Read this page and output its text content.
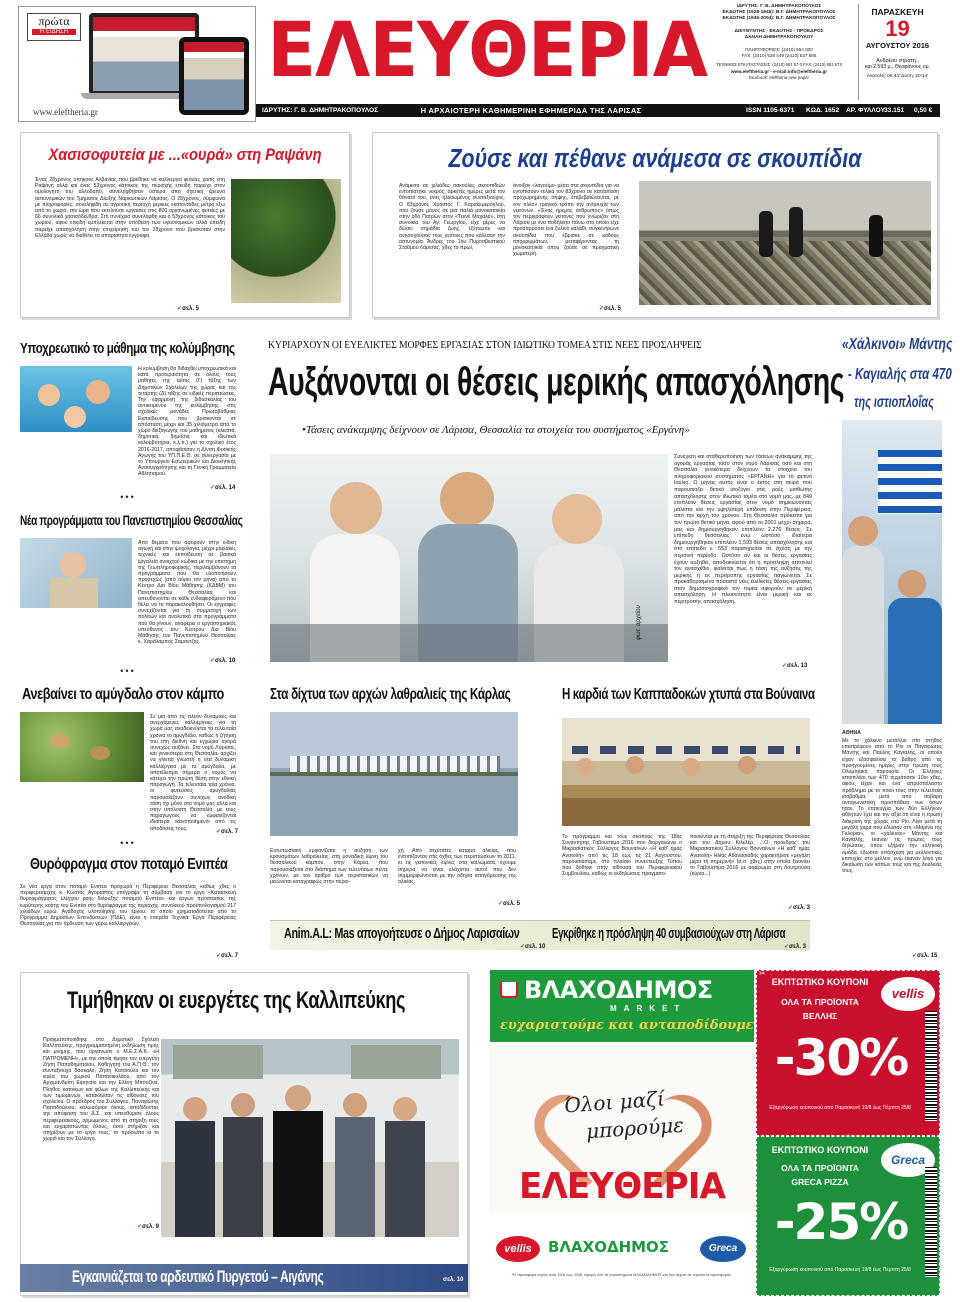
πρώτα
Η ΕΙΔΗΣΗ
www.eleftheria.gr
ΕΛΕΥΘΕΡΙΑ	ΙΔΡΥΤΗΣ: Γ. Β. ΔΗΜΗΤΡΑΚΟΠΟΥΛΟΣ
ΕΚΔΟΤΗΣ (1928-1945): Β.Γ. ΔΗΜΗΤΡΑΚΟΠΟΥΛΟΣ
ΕΚΔΟΤΗΣ (1945-2004): Β.Γ. ΔΗΜΗΤΡΑΚΟΠΟΥΛΟΣ
ΔΙΕΥΘΥΝΤΗΣ - ΕΚΔΟΤΗΣ - ΠΡΟΕΔΡΟΣ
ΔΑΝΑΗ ΔΗΜΗΤΡΑΚΟΠΟΥΛΟΥ
ΠΛΗΡΟΦΟΡΙΕΣ: (2410) 554 000
FAX: (2410) 536 449 (2410) 537 585
ΤΕΧΝΙΚΕΣ ΕΓΚΑΤΑΣΤΑΣΕΙΣ: (2410) 661 57 0 FAX: (2410) 661 573
www.eleftheria.gr - e-mail:info@eleftheria.gr
facebook: eleftheria new paper
ΠΑΡΑΣΚΕΥΗ
19
ΑΥΓΟΥΣΤΟΥ 2016
Ανδρέου στρατη.,
και 2.593 μ., Θεοφάνους ομ.
Ανατολή: 06:44' Δύση: 20:14'
ΙΔΡΥΤΗΣ: Γ. Β. ΔΗΜΗΤΡΑΚΟΠΟΥΛΟΣ	Η ΑΡΧΑΙΟΤΕΡΗ ΚΑΘΗΜΕΡΙΝΗ ΕΦΗΜΕΡΙΔΑ ΤΗΣ ΛΑΡΙΣΑΣ	ISSN 1105-6371 ΚΩΔ. 1652 ΑΡ. ΦΥΛΛΟΥ 33.151 0,50 €
Χασισοφυτεία με ...«ουρά» στη Ραψάνη
Ένας 28χρονος υπήκοος Αλβανίας που βρέθηκε να καλλιεργεί φυτείες χασίς στη Ραψάνη αλλά και ένας 53χρονος κάτοικος της περιοχής επειδή παρείχε στον ομολογητή του αλλοδαπό, συνελήφθησαν ύστερα από σχετική έρευνα αστυνομικών του Τμήματος Δίωξης Ναρκωτικών Λάρισας. Ο 28χρονος, σύμφωνα με πληροφορίες, συνελήφθη σε αγροτική περιοχή μερικές εκατοντάδες μέτρα έξω από το χωριό, την ώρα που εκτελούσε εργασίες στις 800 οργανωμένες φυτείες με 66 συνολικά χασισόδενδρα. Στη συνέχεια συνελήφθη και ο 53χρονος κάτοικος του χωριού, αφού επειδή εμπλέκεται στην υπόθεση των υγειονομικών αλλά επειδή παρείχε απασχόληση στην επιχείρηση του τον 28χρονο που βρισκόταν στην Ελλάδα χωρίς να διαθέτει τα απαραίτητα έγγραφα.
✓σελ. 5
Ζούσε και πέθανε ανάμεσα σε σκουπίδια
Ανάμεσα σε χιλιάδες σακούλες σκουπιδιών εντοπίστηκε νεκρός, αρκετές ημέρες μετά τον θάνατό του, ένας ηλικιωμένος συνταξιούχος. Ο 83χρονος Χρήστος Γ. Καρακεμερόγλου, που ζούσε μόνος σε μια παλιά μονοκατοικία στην οδό Πατρών στον «Τεκνέ Μαχαλά», στη συνοικία του Αγ. Γεωργίου, είχε μέρες να δώσει σημάδια ζωής, εξέπεμπε και ανησυχούσαν τους γείτονες που κάλεσαν την αστυνομία. Άνδρες του 1ου Πυροσβεστικού Σταθμού Λάρισας, χθες το πρωί,
άνοιξαν «λαγούμι» μέσα στα σκουπίδια για να εντοπίσουν τελικά τον 83χρονο σε κατάσταση προχωρημένης σήψης, επιβεβαιώνοντας με τον πλέον τραγικό τρόπο την ανησυχία των γειτόνων. «Ένας ήρεμος άνθρωπος» όπως τον περιγράφουν γείτονες που γνώριζαν στη Λάρισα με ένα ποδήλατο πάνω στο οποίο είχε προσαρμόσει ένα ξύλινο καλάθι, συγκέντρωνε σκουπίδια που έβρισκε σε κάδους απορριμμάτων, μεταφέροντας τη μονοκατοικία όπου ζούσε σε πραγματική χωματερή.
✓σελ. 5
Υποχρεωτικό το μάθημα της κολύμβησης
Η κολύμβηση θα διδαχθεί υποχρεωτικά και κατά προτεραιότητα σε όλους τους μαθητές της τρίτης (Γ) τάξης των Δημοτικών Σχολείων της χώρας και της τετάρτης (Δ) τάξης σε ειδικές περιπτώσεις. Την εφαρμογή της διδασκαλίας του αντικειμένου της κολύμβησης στις σχολικές μονάδες Πρωτοβάθμιας Εκπαίδευσης που βρίσκονται σε απόσταση μέχρι και 35 χιλιόμετρα από το χώρο διεξαγωγής του μαθήματος (κλειστά, δημοτικά, δημόσια και ιδιωτικά κολυμβητήρια, κ.λ.π.) για το σχολικό έτος 2016-2017, αποφάσισαν η Δ/νση Φυσικής Αγωγής του ΥΠ.Π.Ε.Θ. σε συνεργασία με το Υπουργείο Εσωτερικών και Διοικητικής Ανασυγκρότησης και τη Γενική Γραμματεία Αθλητισμού.
✓σελ. 14
•••
Νέα προγράμματα του Πανεπιστημίου Θεσσαλίας
Από θέματα που αφορούν στην ειδική αγωγή και στην ψυχολογία, μέχρι μοριακές τεχνικές και εκπαίδευση σε βασικά εργαλεία ανοιχτού κώδικα με την επιστήμη της Γεωπληροφορικής, περιλαμβάνουν τα προγράμματα που θα υλοποιήσουν προσεχώς (από αύριο τον μήνα) από το Κέντρο Δια Βίου Μάθησης (ΚΔΒΜ) του Πανεπιστημίου Θεσσαλίας και απευθύνονται σε κάθε ενδιαφερόμενο που θέλει να τα παρακολουθήσει. Οι εγγραφές συνεχίζονται για τη συμμετοχή των πολιτών και αναλυτικά στα προγράμματα που θα γίνουν, αναφέρει ο εργαστηριακός υπεύθυνος του Κέντρου Δια Βίου Μάθησης του Πανεπιστημίου Θεσσαλίας κ. Χαράλαμπος Σαμαντζής.
✓σελ. 10
•••
Ανεβαίνει το αμύγδαλο στον κάμπο
Σε μια από τις πλέον δυναμικές και ανερχόμενες καλλιέργειες για τη χώρα μας αναδεικνύεται τα τελευταία χρόνια το αμύγδαλο, καθώς η ζήτηση του στη διεθνή και εγχώρια αγορά συνεχώς αυξάνει. Στο νομό Λάρισας, και γενικότερα στη Θεσσαλία, αρχίζει να γίνεται γνωστή η νέα δυναμική καλλιέργεια με τα αμύγδαλα, με αποτέλεσμα σήμερα ο νομός να κατέχει την πρώτη θέση στην εθνική παραγωγή. Τα τελευταία τρία χρόνια, οι φυτεύσεις αμυγδαλιάς παρουσιάζουν συνεχώς ανοδική τάση όχι μόνο στο νομό μας αλλά και στην υπόλοιπη Θεσσαλία, με τους παραγωγούς να εμφανίζονται ιδιαίτερα ικανοποιημένοι από τις αποδόσεις τους.
✓σελ. 7
•••
Θυρόφραγμα στον ποταμό Ενιπέα
Σε νέα έργα στον ποταμό Ενιπέα προχωρά η Περιφέρεια Θεσσαλίας καθώς χθες ο περιφερειάρχης κ. Κώστας Αγοραστός υπέγραψε τη σύμβαση για το έργο «Κατασκευή θυροφράγματος ελέγχου ροής διόρυξης ποταμού Ενιπέα» και έργων προστασίας της ευρύτερης κοίτης του Ενιπέα στο θυρόφραγμα της περιοχής, συνολικού προϋπολογισμού 217 χιλιάδων ευρώ. Ανάδοχος υλοποίησης του έργου, το οποίο χρηματοδοτείται από το Πρόγραμμα Δημοσίων Επενδύσεων (ΠΔΕ), είναι η εταιρεία Τεχνικά Έργα Περιφέρειας Θεσσαλίας για την άρδευση των γύρω καλλιεργειών.
✓σελ. 7
ΚΥΡΙΑΡΧΟΥΝ ΟΙ ΕΥΕΛΙΚΤΕΣ ΜΟΡΦΕΣ ΕΡΓΑΣΙΑΣ ΣΤΟΝ ΙΔΙΩΤΙΚΟ ΤΟΜΕΑ ΣΤΙΣ ΝΕΕΣ ΠΡΟΣΛΗΨΕΙΣ
Αυξάνονται οι θέσεις μερικής απασχόλησης
•Τάσεις ανάκαμψης δείχνουν σε Λάρισα, Θεσσαλία τα στοιχεία του συστήματος «Εργάνη»
φωτ. αρχείου
Συνέχιση και σταθεροποίηση των τάσεων ανάκαμψης της αγοράς εργασίας τόσο στον νομό Λάρισας όσο και στη Θεσσαλία γενικότερα δείχνουν τα στοιχεία του πληροφοριακού συστήματος «ΕΡΓΑΝΗ» για το φετινό Ιούλιο. Ο μήνας αυτός είναι ο έκτος στη σειρά που παρουσιάζει θετικό ισοζύγιο στις ροές μισθωτής απασχόλησης στον ιδιωτικό τομέα στο νομό μας, με 849 επιπλέον θέσεις εργασίας στον νομό σημειώνοντας μάλιστα και την υψηλότερη επίδοση στην Περιφέρεια, από την αρχή του χρόνου. Στη Θεσσαλία πρόκειται για τον πρώτο θετικό μήνα, αφού από το 2001 μέχρι σήμερα, μας και δημιουργήθηκαν επιπλέον 2.276 θέσεις. Σε επίπεδο θεσσαλίας ενώ ωστόσο ιδιαίτερα δημιουργήθηκαν επιπλέον 1.593 θέσεις απασχόλησης και στο επίπεδο ν. 553 παρατηρείται σε σχέση με την περσινή περίοδο. Ωστόσο αν και οι θέσεις εργασίας έχουν αυξηθεί, αποδεικνύεται ότι η προσληψη αποτελεί τον ανασχέθιο, φαίνεται πως η τάση της αύξησης της μερικής ή εκ περιτροπής εργασίας παγιώνεται. Σε προκαθορισμένο ποσοστό νέες ευέλικτες θέσεις εργασίας στον δημοσιογραφικό τον τομέα αφορούν σε μερική απασχόληση. Η πλειονότητα είναι μερική και εκ περιτροπής απασχόληση.
✓σελ. 13
Στα δίχτυα των αρχών λαθραλιείς της Κάρλας
Εντυπωσιακή εμφανίζεται η αύξηση των κρουσμάτων λαθραλιείας, στη μοναδική λίμνη του θεσσαλικού κάμπου, στην Κάρλα, που παρουσιάζεται στο διάστημα των τελευταίων πέντε χρόνων, με τον αριθμό των περιστατικών να μειώνεται καταγραφώς στην περιο-
χή. Από ταχύτατες καταμα αλιείας, που εντοπίζονταν στις όχθες των περιπτώσεων το 2011, κι τις γειτονικές λίμνες στα κοιλώματα, έχουμε σήμερα να είναι ελάχιστα αυτοί που δεν συμμορφώνονται με την οδηγία απαγόρευσης της αλιείας.
✓σελ. 5
Η καρδιά των Καππαδοκών χτυπά στα Βούναινα
Το πρόγραμμα και τους σκοπούς της 18ης Συνάντησης Γαβουστιμα 2016 που διοργανώνει ο Μικρασιατικός Σύλλογος Βουναίνων «Η καθ' ημάς Ανατολή» από τις 18 έως τις 21 Αυγούστου, παρουσιάσαμε, στο πλαίσιο συνέντευξης Τύπου που δόθηκε στην αίθουσα του Περιφερειακού Συμβουλίου, καθώς οι εκδηλώσεις πραγματο-
ποιούνται με τη στήριξη της Περιφέρειας Θεσσαλίας και του Δήμου Κιλελέρ. ...Ο πρόεδρος του Μικρασιατικού Συλλόγου Βουναίνων «Η καθ' ημάς Ανατολή» Ηλίας Αθανασιάδης χαρακτήρισε «μεγάλη μέρα τη σημερινή» (σ.σ. χθες) στην οποία ξεκινάει το Γαβουστίμα 2016 με αφιέρωμα στη Λουτρούσα (κύρια...)
✓σελ. 3
Anim.A.L: Mas απογοήτευσε ο Δήμος Λαρισαίων
✓σελ. 10
Εγκρίθηκε η πρόσληψη 40 συμβασιούχων στη Λάρισα
✓σελ. 3
«Χάλκινοι» Μάντης
- Καγιαλής στα 470
της ιστιοπλοΐας
ΑΘΗΝΑ
Με το χάλκινο μετάλλιο στο στήθος επιστρέφουν από το Ρίο οι Παναγιώτης Μάντης και Παύλος Καγιαλής, οι οποίοι είχαν εξασφαλίσει το βάθρο από τις προηγούμενες ημέρες στην πρώτη τους Ολυμπιακή παρουσία. Οι Έλληνες ιστιοπλόοι των 470 τερμάτισαν 10οι χθες, αφού είχαν και ένα απροσπέλαστο πρόβλημα με το ποιοι τους στην τελευταία ισοβαθμία, μετά από σοβαρή ανταγωνιστική προσπάθεια των όσων ήταν. Το επίτευγμα των δύο Ελλήνων αθλητών έχει και την αξία ότι είναι η πρώτη διάκριση της χώρας στο Ρίο. Λίγο μετά τη μεγάλη χαρά που έδωσαν στη «Μαρίνα της Γκλόρια», οι «χάλκινοι» Μάντης και Καγιαλής, έκαναν τις πρώτες τους δηλώσεις, όπου εξήραν την ελληνική ομάδα, έδωσαν υπόσχεση για μελλοντικές επιτυχίες στο μέλλον, ενώ έκαναν λόγο για δικαίωση των κόπων τους και της δουλειάς τους.
✓σελ. 15
Τιμήθηκαν οι ευεργέτες της Καλλιπεύκης
Πραγματοποιήθηκε στο Δημοτικό Σχολείο Καλλιπεύκης, προγραμματισμένη εκδήλωση τιμής και μνήμης, που οργάνωσε ο Μ.Ε.Σ.Α.Κ. «Η ΠΑΤΡΟΜΕΝΗ», με την οποία τίμησε τον ευεργέτη Ζήση Παπαδημητρίου, Καθηγητή του Α.Π.Θ., τον συνταξιούχο δάσκαλο, Ζήση Κατσιούλα και τον ιερέα του χωριού Παπανικολάου, από τον Αρχιμανδρίτη Ειρηναίο και την Ελένη Μπουζίνα. Πλήθος κατοίκων και φίλων της Καλλιπεύκης και των τιμώμενων, κατακλύσαν τις αίθουσες του σχολείου. Ο πρόεδρος του Συλλόγου, Παναγιώτης Παπαδούλιου, καλωσόρισε όλους, αποδίδοντας την απόφαση του Δ.Σ. και υπενθύμισε όλους περιφερειακούς, ορμώμενος από τη στήριξη τους και ευχαριστώντας όλους, όσοι στήριξαν και στηρίζουν με το έργο τους, το πρόσωπο κι το χωριό και τον Σύλλογο.
✓σελ. 9
Εγκαινιάζεται το αρδευτικό Πυργετού – Αιγάνης	✓σελ. 10
ΒΛΑΧΟΔΗΜΟΣ
MARKET
ευχαριστούμε και ανταποδίδουμε
Όλοι μαζί
μπορούμε
ΕΛΕΥΘΕΡΙΑ
vellis	ΒΛΑΧΟΔΗΜΟΣ	Greca
*Η προσφορά ισχύει από 19/8 έως 25/8, αφορά όλα τα καταστήματα ΒΛΑΧΟΔΗΜΟΣ και δεν ισχύει σε προϊόντα προσφοράς.
✂
ΕΚΠΤΩΤΙΚΟ ΚΟΥΠΟΝΙ
ΟΛΑ ΤΑ ΠΡΟΪΟΝΤΑ
ΒΕΛΛΗΣ
vellis
-30%
Εξαργύρωση κουπονιού από Παρασκευή 19/8 έως Πέμπτη 25/8
ΕΚΠΤΩΤΙΚΟ ΚΟΥΠΟΝΙ
ΟΛΑ ΤΑ ΠΡΟΪΟΝΤΑ
GRECA PIZZA
Greca
-25%
Εξαργύρωση κουπονιού από Παρασκευή 19/8 έως Πέμπτη 25/8
